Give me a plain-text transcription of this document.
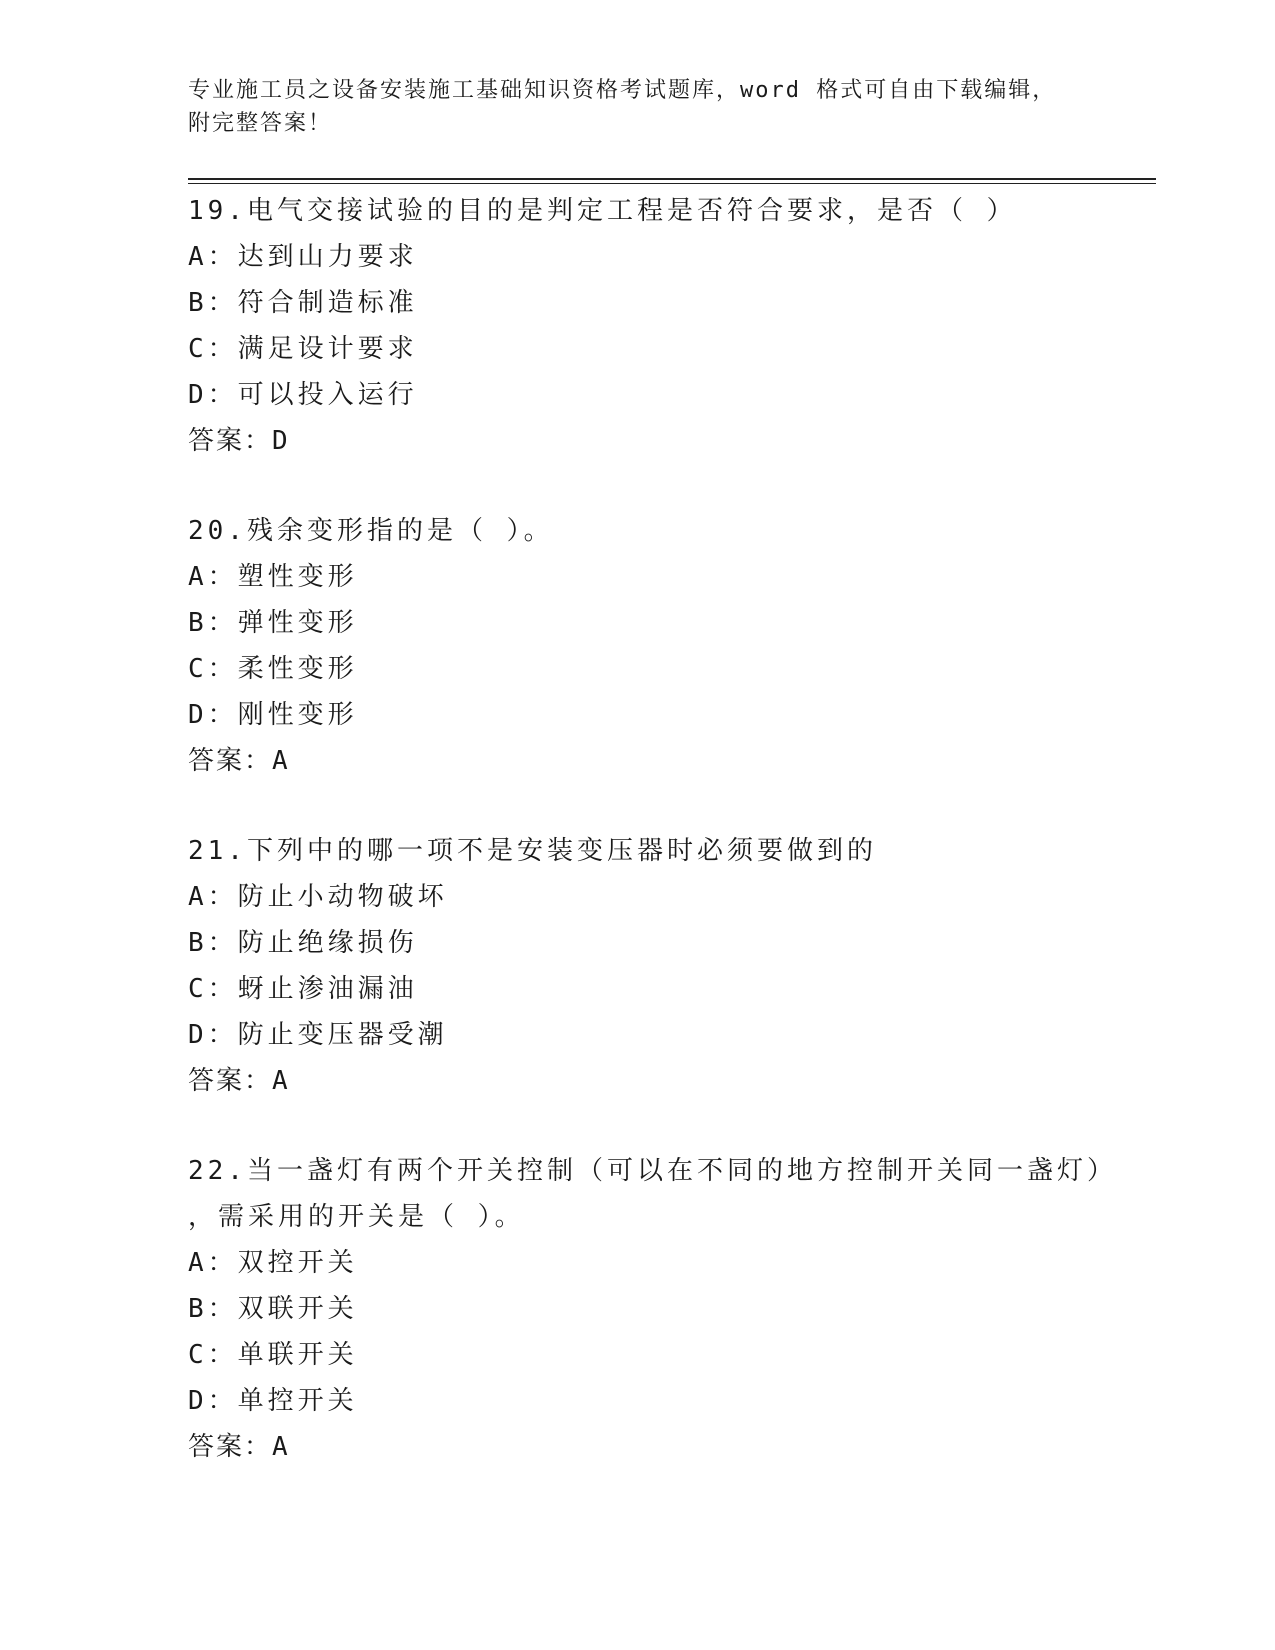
专业施工员之设备安装施工基础知识资格考试题库，word 格式可自由下载编辑，
附完整答案！
19.电气交接试验的目的是判定工程是否符合要求，是否（ ）
A：达到山力要求
B：符合制造标准
C：满足设计要求
D：可以投入运行
答案：D
20.残余变形指的是（ ）。
A：塑性变形
B：弹性变形
C：柔性变形
D：刚性变形
答案：A
21.下列中的哪一项不是安装变压器时必须要做到的
A：防止小动物破坏
B：防止绝缘损伤
C：蚜止渗油漏油
D：防止变压器受潮
答案：A
22.当一盏灯有两个开关控制（可以在不同的地方控制开关同一盏灯）
，需采用的开关是（ ）。
A：双控开关
B：双联开关
C：单联开关
D：单控开关
答案：A
